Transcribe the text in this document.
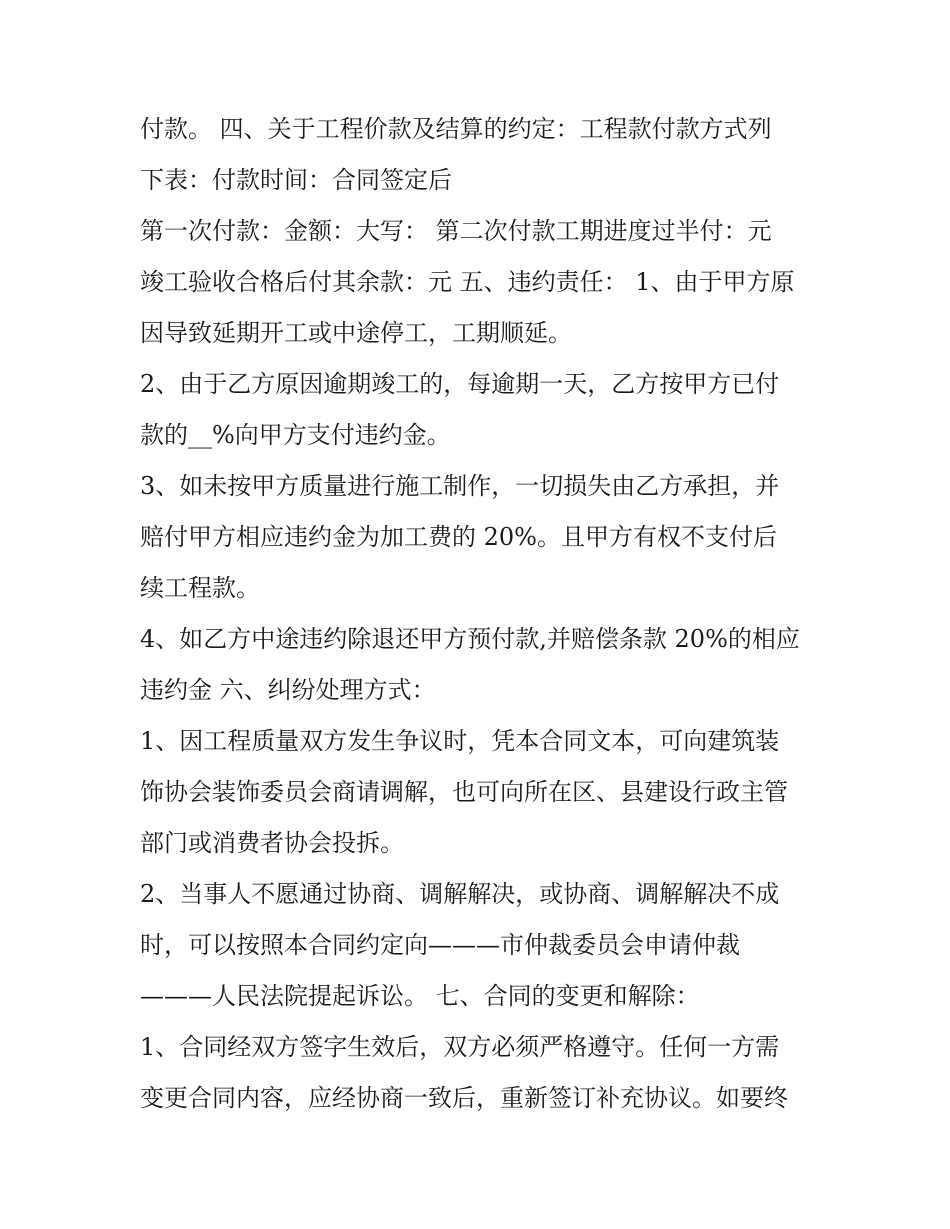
付款。 四、关于工程价款及结算的约定：工程款付款方式列
下表：付款时间：合同签定后
第一次付款：金额：大写： 第二次付款工期进度过半付：元
竣工验收合格后付其余款：元 五、违约责任： 1、由于甲方原
因导致延期开工或中途停工，工期顺延。
2、由于乙方原因逾期竣工的，每逾期一天，乙方按甲方已付
款的__%向甲方支付违约金。
3、如未按甲方质量进行施工制作，一切损失由乙方承担，并
赔付甲方相应违约金为加工费的 20%。且甲方有权不支付后
续工程款。
4、如乙方中途违约除退还甲方预付款,并赔偿条款 20%的相应
违约金 六、纠纷处理方式：
1、因工程质量双方发生争议时，凭本合同文本，可向建筑装
饰协会装饰委员会商请调解，也可向所在区、县建设行政主管
部门或消费者协会投拆。
2、当事人不愿通过协商、调解解决，或协商、调解解决不成
时，可以按照本合同约定向———市仲裁委员会申请仲裁
———人民法院提起诉讼。 七、合同的变更和解除：
1、合同经双方签字生效后，双方必须严格遵守。任何一方需
变更合同内容，应经协商一致后，重新签订补充协议。如要终
